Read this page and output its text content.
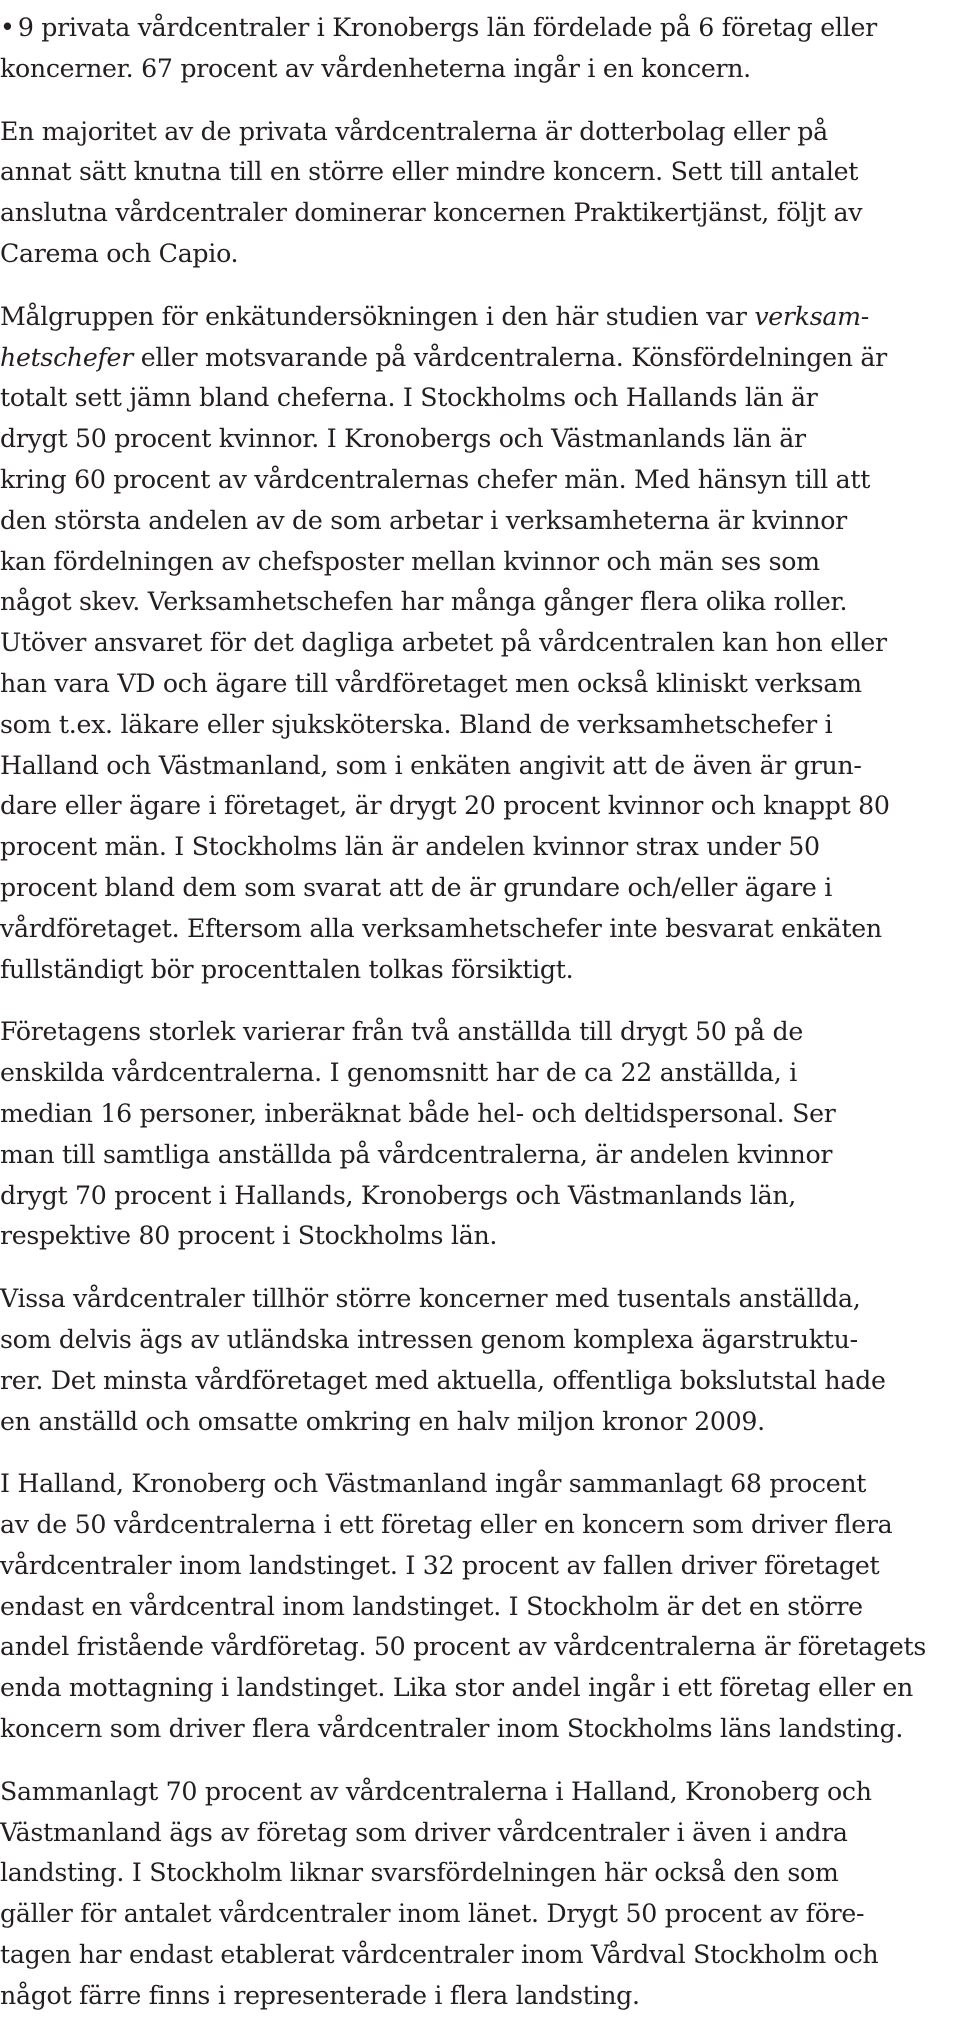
• 9 privata vårdcentraler i Kronobergs län fördelade på 6 företag eller
koncerner. 67 procent av vårdenheterna ingår i en koncern.
En majoritet av de privata vårdcentralerna är dotterbolag eller på
annat sätt knutna till en större eller mindre koncern. Sett till antalet
anslutna vårdcentraler dominerar koncernen Praktikertjänst, följt av
Carema och Capio.
Målgruppen för enkätundersökningen i den här studien var verksam-
hetschefer eller motsvarande på vårdcentralerna. Könsfördelningen är
totalt sett jämn bland cheferna. I Stockholms och Hallands län är
drygt 50 procent kvinnor. I Kronobergs och Västmanlands län är
kring 60 procent av vårdcentralernas chefer män. Med hänsyn till att
den största andelen av de som arbetar i verksamheterna är kvinnor
kan fördelningen av chefsposter mellan kvinnor och män ses som
något skev. Verksamhetschefen har många gånger flera olika roller.
Utöver ansvaret för det dagliga arbetet på vårdcentralen kan hon eller
han vara VD och ägare till vårdföretaget men också kliniskt verksam
som t.ex. läkare eller sjuksköterska. Bland de verksamhetschefer i
Halland och Västmanland, som i enkäten angivit att de även är grun-
dare eller ägare i företaget, är drygt 20 procent kvinnor och knappt 80
procent män. I Stockholms län är andelen kvinnor strax under 50
procent bland dem som svarat att de är grundare och/eller ägare i
vårdföretaget. Eftersom alla verksamhetschefer inte besvarat enkäten
fullständigt bör procenttalen tolkas försiktigt.
Företagens storlek varierar från två anställda till drygt 50 på de
enskilda vårdcentralerna. I genomsnitt har de ca 22 anställda, i
median 16 personer, inberäknat både hel- och deltidspersonal. Ser
man till samtliga anställda på vårdcentralerna, är andelen kvinnor
drygt 70 procent i Hallands, Kronobergs och Västmanlands län,
respektive 80 procent i Stockholms län.
Vissa vårdcentraler tillhör större koncerner med tusentals anställda,
som delvis ägs av utländska intressen genom komplexa ägarstruktu-
rer. Det minsta vårdföretaget med aktuella, offentliga bokslutstal hade
en anställd och omsatte omkring en halv miljon kronor 2009.
I Halland, Kronoberg och Västmanland ingår sammanlagt 68 procent
av de 50 vårdcentralerna i ett företag eller en koncern som driver flera
vårdcentraler inom landstinget. I 32 procent av fallen driver företaget
endast en vårdcentral inom landstinget. I Stockholm är det en större
andel fristående vårdföretag. 50 procent av vårdcentralerna är företagets
enda mottagning i landstinget. Lika stor andel ingår i ett företag eller en
koncern som driver flera vårdcentraler inom Stockholms läns landsting.
Sammanlagt 70 procent av vårdcentralerna i Halland, Kronoberg och
Västmanland ägs av företag som driver vårdcentraler i även i andra
landsting. I Stockholm liknar svarsfördelningen här också den som
gäller för antalet vårdcentraler inom länet. Drygt 50 procent av före-
tagen har endast etablerat vårdcentraler inom Vårdval Stockholm och
något färre finns i representerade i flera landsting.
